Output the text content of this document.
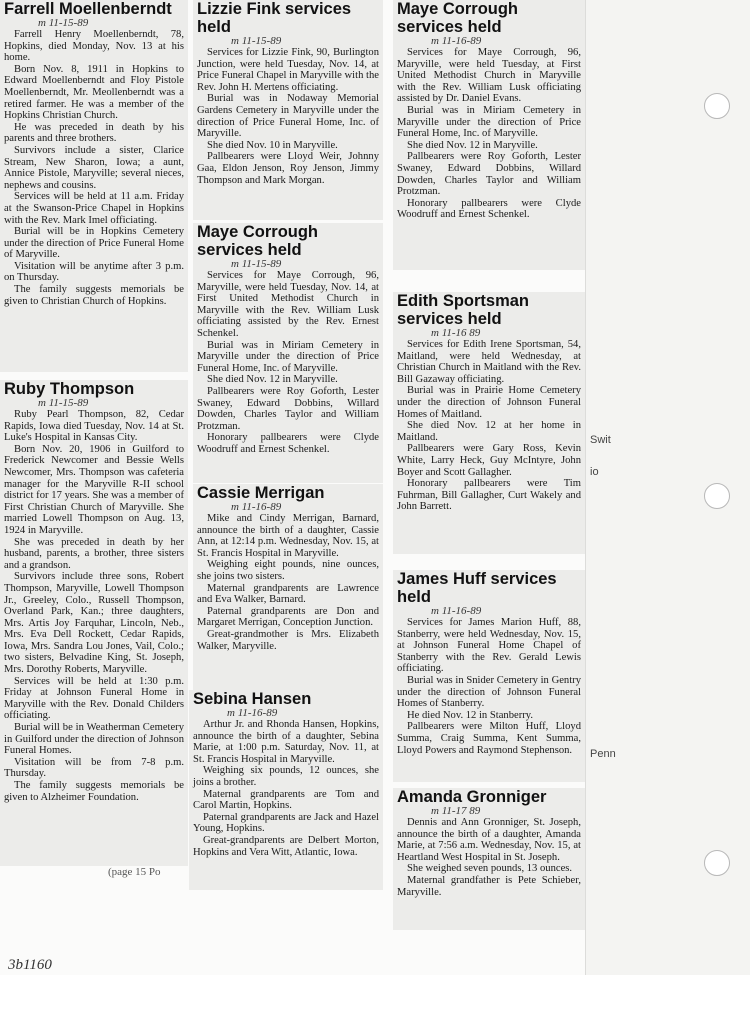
Farrell Moellenberndt
m 11-15-89

Farrell Henry Moellenberndt, 78, Hopkins, died Monday, Nov. 13 at his home.

Born Nov. 8, 1911 in Hopkins to Edward Moellenberndt and Floy Pistole Moellenberndt, Mr. Meollenberndt was a retired farmer. He was a member of the Hopkins Christian Church.

He was preceded in death by his parents and three brothers.

Survivors include a sister, Clarice Stream, New Sharon, Iowa; a aunt, Annice Pistole, Maryville; several nieces, nephews and cousins.

Services will be held at 11 a.m. Friday at the Swanson-Price Chapel in Hopkins with the Rev. Mark Imel officiating.

Burial will be in Hopkins Cemetery under the direction of Price Funeral Home of Maryville.

Visitation will be anytime after 3 p.m. on Thursday.

The family suggests memorials be given to Christian Church of Hopkins.

Ruby Thompson
m 11-15-89

Ruby Pearl Thompson, 82, Cedar Rapids, Iowa died Tuesday, Nov. 14 at St. Luke's Hospital in Kansas City.

Born Nov. 20, 1906 in Guilford to Frederick Newcomer and Bessie Wells Newcomer, Mrs. Thompson was cafeteria manager for the Maryville R-II school district for 17 years. She was a member of First Christian Church of Maryville. She married Lowell Thompson on Aug. 13, 1924 in Maryville.

She was preceded in death by her husband, parents, a brother, three sisters and a grandson.

Survivors include three sons, Robert Thompson, Maryville, Lowell Thompson Jr., Greeley, Colo., Russell Thompson, Overland Park, Kan.; three daughters, Mrs. Artis Joy Farquhar, Lincoln, Neb., Mrs. Eva Dell Rockett, Cedar Rapids, Iowa, Mrs. Sandra Lou Jones, Vail, Colo.; two sisters, Belvadine King, St. Joseph, Mrs. Dorothy Roberts, Maryville.

Services will be held at 1:30 p.m. Friday at Johnson Funeral Home in Maryville with the Rev. Donald Childers officiating.

Burial will be in Weatherman Cemetery in Guilford under the direction of Johnson Funeral Homes.

Visitation will be from 7-8 p.m. Thursday.

The family suggests memorials be given to Alzheimer Foundation.

Lizzie Fink services held
m 11-15-89

Services for Lizzie Fink, 90, Burlington Junction, were held Tuesday, Nov. 14, at Price Funeral Chapel in Maryville with the Rev. John H. Mertens officiating.

Burial was in Nodaway Memorial Gardens Cemetery in Maryville under the direction of Price Funeral Home, Inc. of Maryville.

She died Nov. 10 in Maryville.

Pallbearers were Lloyd Weir, Johnny Gaa, Eldon Jenson, Roy Jenson, Jimmy Thompson and Mark Morgan.

Maye Corrough services held
m 11-15-89

Services for Maye Corrough, 96, Maryville, were held Tuesday, Nov. 14, at First United Methodist Church in Maryville with the Rev. William Lusk officiating assisted by the Rev. Ernest Schenkel.

Burial was in Miriam Cemetery in Maryville under the direction of Price Funeral Home, Inc. of Maryville.

She died Nov. 12 in Maryville.

Pallbearers were Roy Goforth, Lester Swaney, Edward Dobbins, Willard Dowden, Charles Taylor and William Protzman.

Honorary pallbearers were Clyde Woodruff and Ernest Schenkel.

Cassie Merrigan
m 11-16-89

Mike and Cindy Merrigan, Barnard, announce the birth of a daughter, Cassie Ann, at 12:14 p.m. Wednesday, Nov. 15, at St. Francis Hospital in Maryville.

Weighing eight pounds, nine ounces, she joins two sisters.

Maternal grandparents are Lawrence and Eva Walker, Barnard.

Paternal grandparents are Don and Margaret Merrigan, Conception Junction.

Great-grandmother is Mrs. Elizabeth Walker, Maryville.

Sebina Hansen
m 11-16-89

Arthur Jr. and Rhonda Hansen, Hopkins, announce the birth of a daughter, Sebina Marie, at 1:00 p.m. Saturday, Nov. 11, at St. Francis Hospital in Maryville.

Weighing six pounds, 12 ounces, she joins a brother.

Maternal grandparents are Tom and Carol Martin, Hopkins.

Paternal grandparents are Jack and Hazel Young, Hopkins.

Great-grandparents are Delbert Morton, Hopkins and Vera Witt, Atlantic, Iowa.

Maye Corrough services held
m 11-16-89

Services for Maye Corrough, 96, Maryville, were held Tuesday, at First United Methodist Church in Maryville with the Rev. William Lusk officiating assisted by Dr. Daniel Evans.

Burial was in Miriam Cemetery in Maryville under the direction of Price Funeral Home, Inc. of Maryville.

She died Nov. 12 in Maryville.

Pallbearers were Roy Goforth, Lester Swaney, Edward Dobbins, Willard Dowden, Charles Taylor and William Protzman.

Honorary pallbearers were Clyde Woodruff and Ernest Schenkel.

Edith Sportsman services held
m 11-16 89

Services for Edith Irene Sportsman, 54, Maitland, were held Wednesday, at Christian Church in Maitland with the Rev. Bill Gazaway officiating.

Burial was in Prairie Home Cemetery under the direction of Johnson Funeral Homes of Maitland.

She died Nov. 12 at her home in Maitland.

Pallbearers were Gary Ross, Kevin White, Larry Heck, Guy McIntyre, John Boyer and Scott Gallagher.

Honorary pallbearers were Tim Fuhrman, Bill Gallagher, Curt Wakely and John Barrett.

James Huff services held
m 11-16-89

Services for James Marion Huff, 88, Stanberry, were held Wednesday, Nov. 15, at Johnson Funeral Home Chapel of Stanberry with the Rev. Gerald Lewis officiating.

Burial was in Snider Cemetery in Gentry under the direction of Johnson Funeral Homes of Stanberry.

He died Nov. 12 in Stanberry.

Pallbearers were Milton Huff, Lloyd Summa, Craig Summa, Kent Summa, Lloyd Powers and Raymond Stephenson.

Amanda Gronniger
m 11-17 89

Dennis and Ann Gronniger, St. Joseph, announce the birth of a daughter, Amanda Marie, at 7:56 a.m. Wednesday, Nov. 15, at Heartland West Hospital in St. Joseph.

She weighed seven pounds, 13 ounces.

Maternal grandfather is Pete Schieber, Maryville.

(page 15 Po
Swit
io
Penn
3b1160
